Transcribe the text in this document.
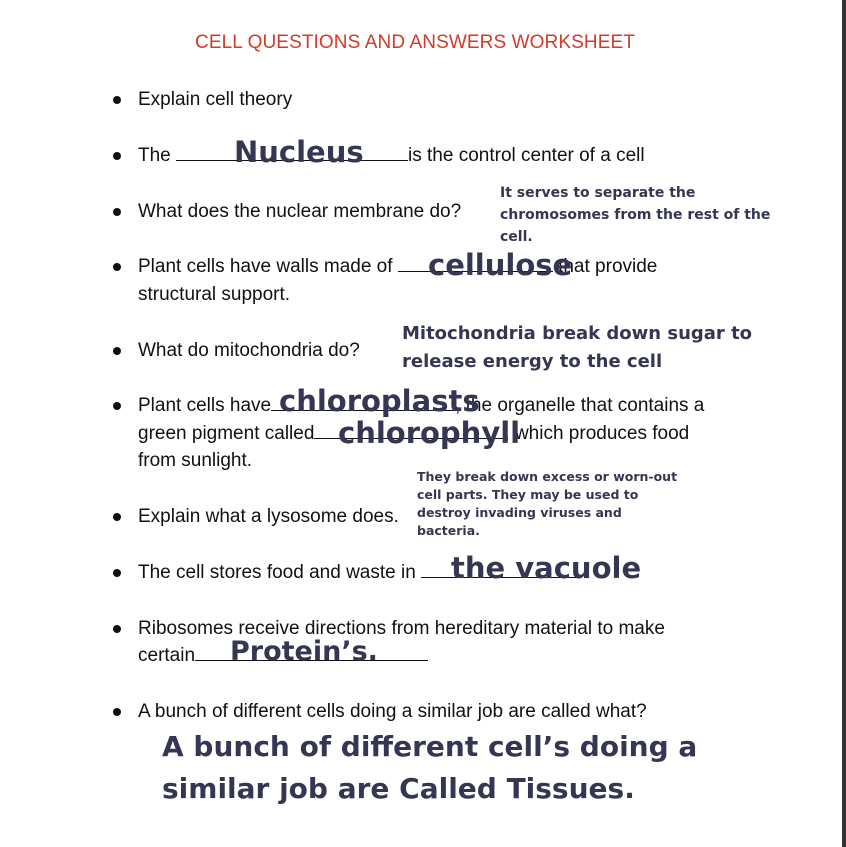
CELL QUESTIONS AND ANSWERS WORKSHEET
Explain cell theory
The	is the control center of a cell
Nucleus
What does the nuclear membrane do?
It serves to separate the
chromosomes from the rest of the
cell.
Plant cells have walls made of	that provide
structural support.
cellulose
What do mitochondria do?
Mitochondria break down sugar to
release energy to the cell
Plant cells have	, the organelle that contains a
green pigment called	, which produces food
from sunlight.
chloroplasts
chlorophyll
Explain what a lysosome does.
They break down excess or worn-out
cell parts. They may be used to
destroy invading viruses and
bacteria.
The cell stores food and waste in	the vacuole
Ribosomes receive directions from hereditary material to make
certain	Protein’s.
A bunch of different cells doing a similar job are called what?
A bunch of different cell’s doing a
similar job are Called Tissues.
